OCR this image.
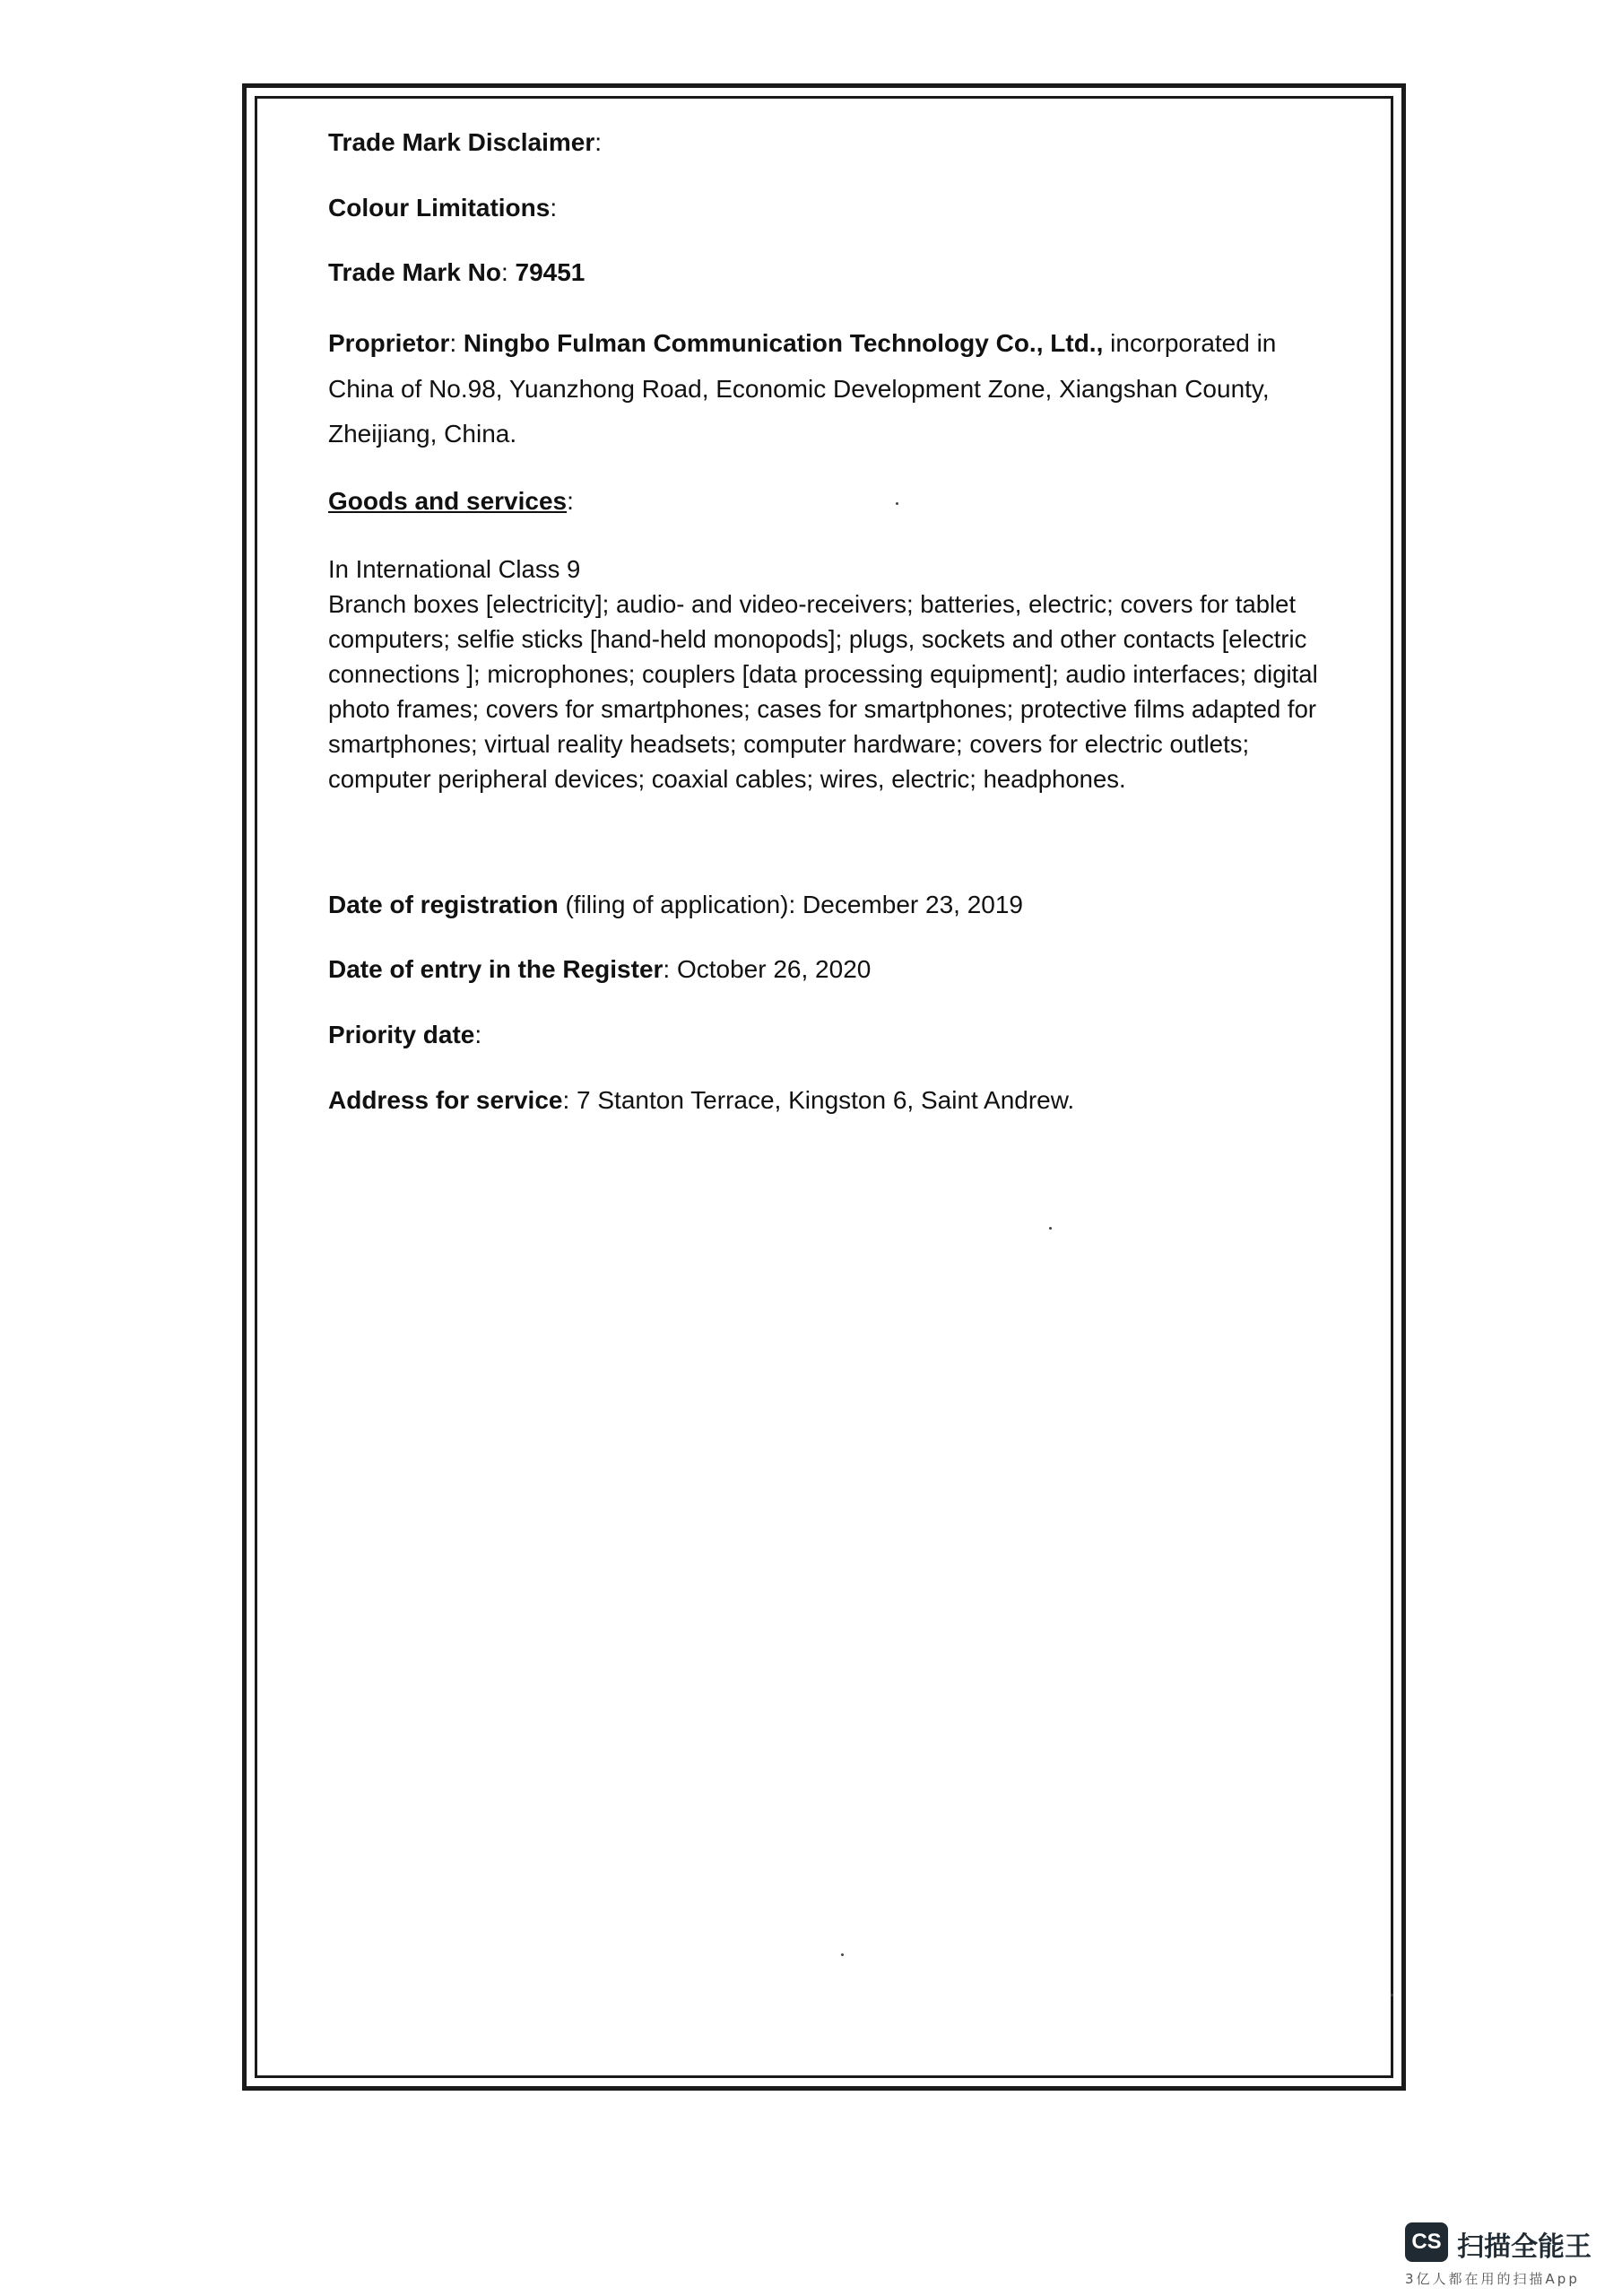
Trade Mark Disclaimer:

Colour Limitations:

Trade Mark No: 79451

Proprietor: Ningbo Fulman Communication Technology Co., Ltd., incorporated in China of No.98, Yuanzhong Road, Economic Development Zone, Xiangshan County, Zheijiang, China.

Goods and services:

In International Class 9
Branch boxes [electricity]; audio- and video-receivers; batteries, electric; covers for tablet computers; selfie sticks [hand-held monopods]; plugs, sockets and other contacts [electric connections ]; microphones; couplers [data processing equipment]; audio interfaces; digital photo frames; covers for smartphones; cases for smartphones; protective films adapted for smartphones; virtual reality headsets; computer hardware; covers for electric outlets; computer peripheral devices; coaxial cables; wires, electric; headphones.

Date of registration (filing of application): December 23, 2019

Date of entry in the Register: October 26, 2020

Priority date:

Address for service: 7 Stanton Terrace, Kingston 6, Saint Andrew.

CS 扫描全能王
3亿人都在用的扫描App
